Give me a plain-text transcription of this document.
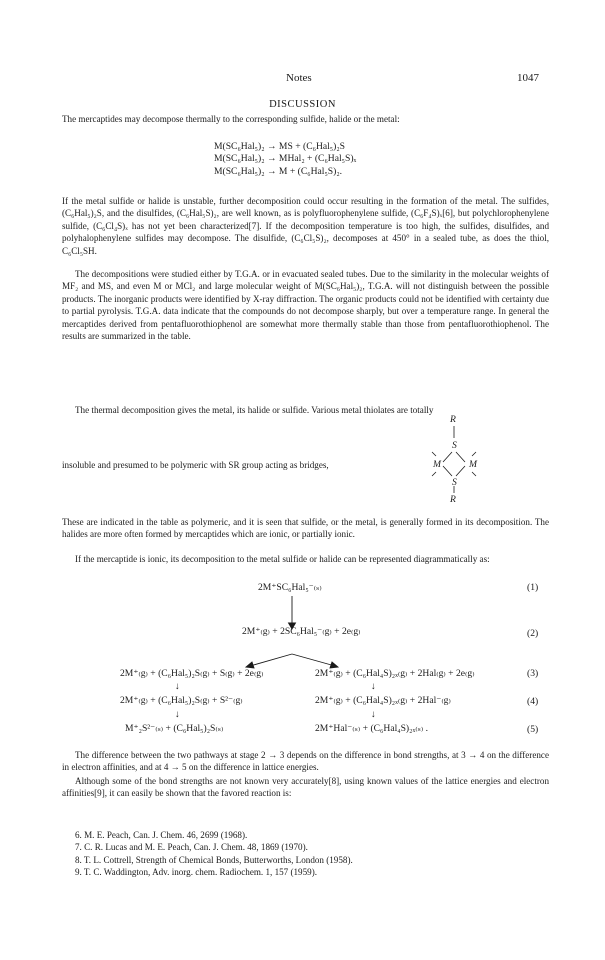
Notes	1047
DISCUSSION

The mercaptides may decompose thermally to the corresponding sulfide, halide or the metal:

M(SC₆Hal₅)₂ → MS + (C₆Hal₅)₂S
M(SC₆Hal₅)₂ → MHal₂ + (C₆Hal₅S)ₓ
M(SC₆Hal₅)₂ → M + (C₆Hal₅S)₂.

If the metal sulfide or halide is unstable, further decomposition could occur resulting in the formation of the metal. The sulfides, (C₆Hal₅)₂S, and the disulfides, (C₆Hal₅S)₂, are well known, as is polyfluorophenylene sulfide, (C₆F₄S)ₓ[6], but polychlorophenylene sulfide, (C₆Cl₄S)ₓ has not yet been characterized[7]. If the decomposition temperature is too high, the sulfides, disulfides, and polyhalophenylene sulfides may decompose. The disulfide, (C₆Cl₅S)₂, decomposes at 450° in a sealed tube, as does the thiol, C₆Cl₅SH.

The decompositions were studied either by T.G.A. or in evacuated sealed tubes. Due to the similarity in the molecular weights of MF₂ and MS, and even M or MCl₂ and large molecular weight of M(SC₆Hal₅)₂, T.G.A. will not distinguish between the possible products. The inorganic products were identified by X-ray diffraction. The organic products could not be identified with certainty due to partial pyrolysis. T.G.A. data indicate that the compounds do not decompose sharply, but over a temperature range. In general the mercaptides derived from pentafluorothiophenol are somewhat more thermally stable than those from pentafluorothiophenol. The results are summarized in the table.

The thermal decomposition gives the metal, its halide or sulfide. Various metal thiolates are totally

R
S
M	M
S
R
insoluble and presumed to be polymeric with SR group acting as bridges,

These are indicated in the table as polymeric, and it is seen that sulfide, or the metal, is generally formed in its decomposition. The halides are more often formed by mercaptides which are ionic, or partially ionic.

If the mercaptide is ionic, its decomposition to the metal sulfide or halide can be represented diagrammatically as:

2M⁺SC₆Hal₅⁻₍ₛ₎	(1)
2M⁺₍g₎ + 2SC₆Hal₅⁻₍g₎ + 2e₍g₎	(2)
2M⁺₍g₎ + (C₆Hal₅)₂S₍g₎ + S₍g₎ + 2e₍g₎	2M⁺₍g₎ + (C₆Hal₄S)₂ₓ₍g₎ + 2Hal₍g₎ + 2e₍g₎	(3)
↓	↓
2M⁺₍g₎ + (C₆Hal₅)₂S₍g₎ + S²⁻₍g₎	2M⁺₍g₎ + (C₆Hal₄S)₂ₓ₍g₎ + 2Hal⁻₍g₎	(4)
↓	↓
M⁺₂S²⁻₍ₛ₎ + (C₆Hal₅)₂S₍ₛ₎	2M⁺Hal⁻₍ₛ₎ + (C₆Hal₄S)₂ₓ₍ₛ₎ .	(5)

The difference between the two pathways at stage 2 → 3 depends on the difference in bond strengths, at 3 → 4 on the difference in electron affinities, and at 4 → 5 on the difference in lattice energies.

Although some of the bond strengths are not known very accurately[8], using known values of the lattice energies and electron affinities[9], it can easily be shown that the favored reaction is:

6. M. E. Peach, Can. J. Chem. 46, 2699 (1968).
7. C. R. Lucas and M. E. Peach, Can. J. Chem. 48, 1869 (1970).
8. T. L. Cottrell, Strength of Chemical Bonds, Butterworths, London (1958).
9. T. C. Waddington, Adv. inorg. chem. Radiochem. 1, 157 (1959).
